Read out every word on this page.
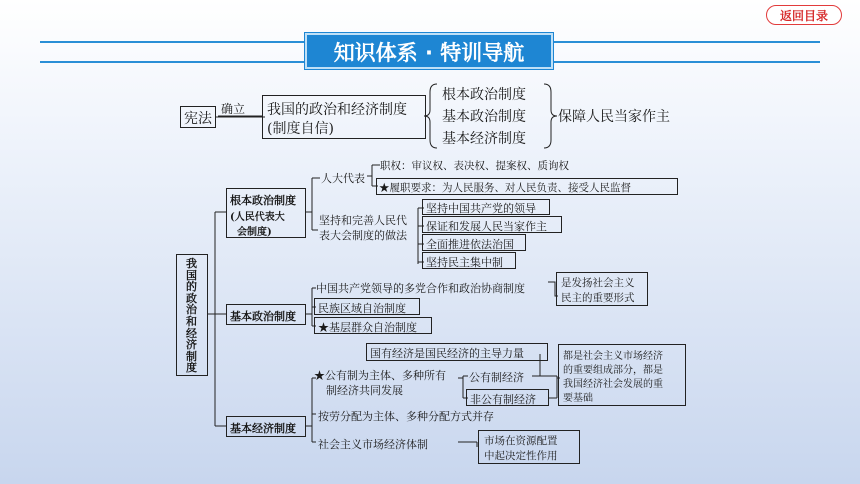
返回目录
知识体系 · 特训导航
宪法
确立 我国的政治和经济制度
(制度自信)
根本政治制度
基本政治制度
基本经济制度
保障人民当家作主
我
国
的
政
治
和
经
济
制
度
根本政治制度
(人民代表大
会制度)
人大代表
职权：审议权、表决权、提案权、质询权
★履职要求：为人民服务、对人民负责、接受人民监督
坚持和完善人民代
表大会制度的做法
坚持中国共产党的领导
保证和发展人民当家作主
全面推进依法治国
坚持民主集中制
基本政治制度
中国共产党领导的多党合作和政治协商制度
民族区域自治制度
★基层群众自治制度
是发扬社会主义
民主的重要形式
基本经济制度
国有经济是国民经济的主导力量
★公有制为主体、多种所有
制经济共同发展
公有制经济
非公有制经济
都是社会主义市场经济
的重要组成部分，都是
我国经济社会发展的重
要基础
按劳分配为主体、多种分配方式并存
社会主义市场经济体制	市场在资源配置
中起决定性作用
